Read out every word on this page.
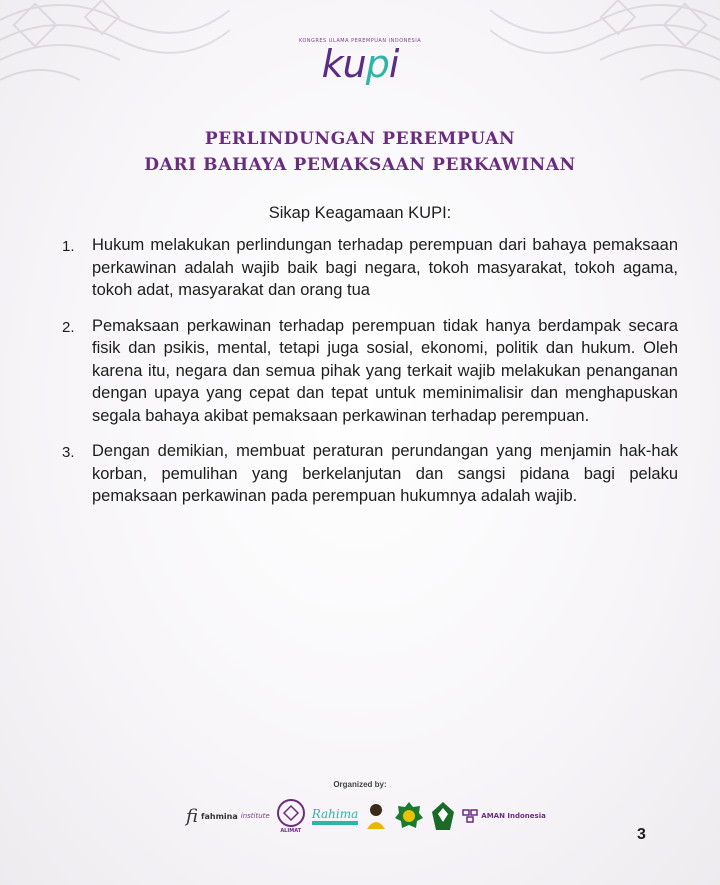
KONGRES ULAMA PEREMPUAN INDONESIA
kupi
PERLINDUNGAN PEREMPUAN
DARI BAHAYA PEMAKSAAN PERKAWINAN
Sikap Keagamaan KUPI:
1.	Hukum melakukan perlindungan terhadap perempuan dari bahaya pemaksaan perkawinan adalah wajib baik bagi negara, tokoh masyarakat, tokoh agama, tokoh adat, masyarakat dan orang tua
2.	Pemaksaan perkawinan terhadap perempuan tidak hanya berdampak secara fisik dan psikis, mental, tetapi juga sosial, ekonomi, politik dan hukum. Oleh karena itu, negara dan semua pihak yang terkait wajib melakukan penanganan dengan upaya yang cepat dan tepat untuk meminimalisir dan menghapuskan segala bahaya akibat pemaksaan perkawinan terhadap perempuan.
3.	Dengan demikian, membuat peraturan perundangan yang menjamin hak-hak korban, pemulihan yang berkelanjutan dan sangsi pidana bagi pelaku pemaksaan perkawinan pada perempuan hukumnya adalah wajib.
Organized by:
fi fahmina institute
ALIMAT
Rahima	AMAN Indonesia
3
